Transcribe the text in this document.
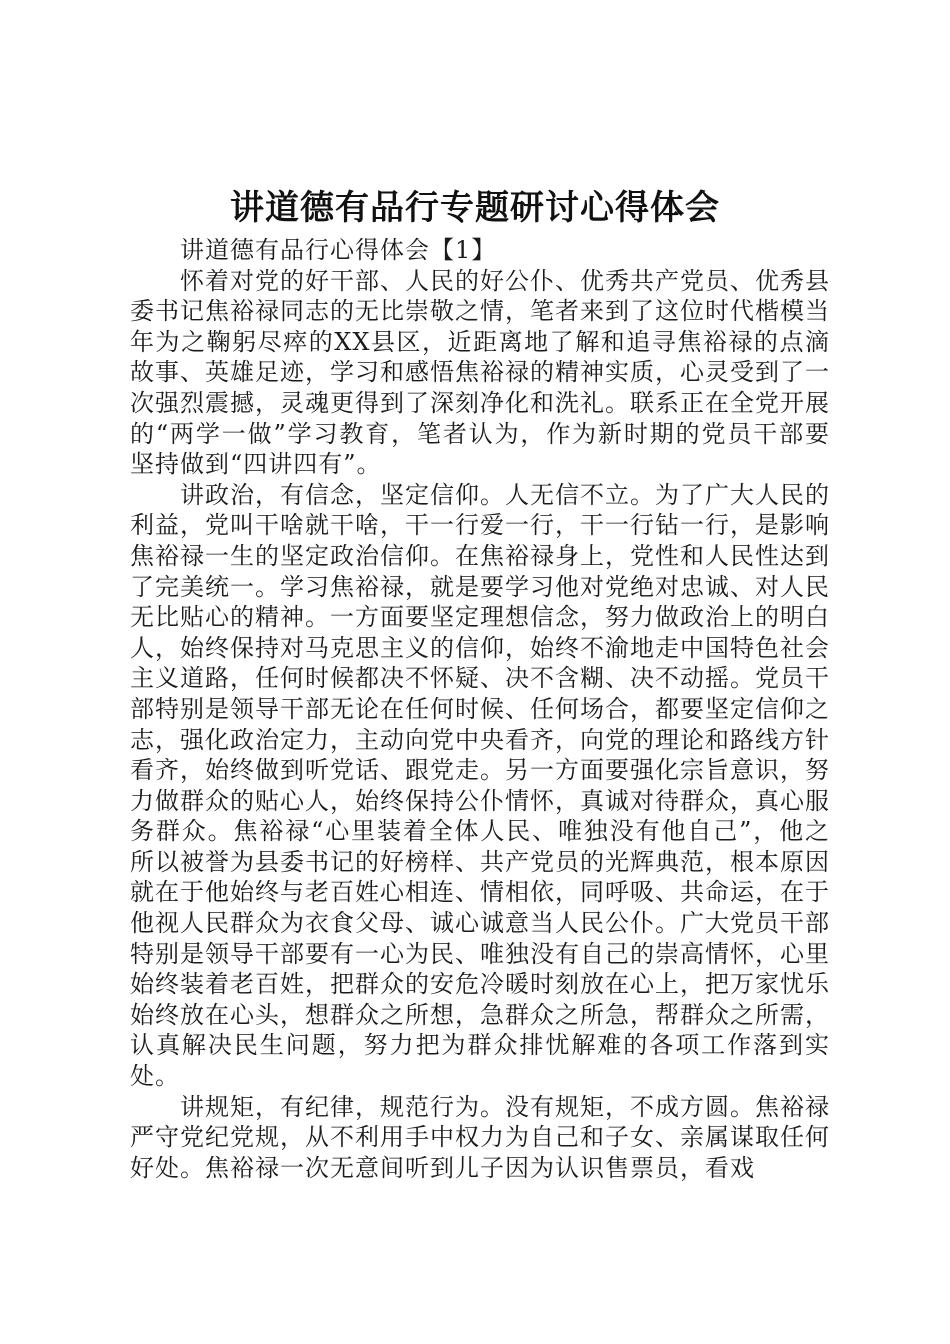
讲道德有品行专题研讨心得体会

讲道德有品行心得体会【1】

怀着对党的好干部、人民的好公仆、优秀共产党员、优秀县委书记焦裕禄同志的无比崇敬之情，笔者来到了这位时代楷模当年为之鞠躬尽瘁的XX县区，近距离地了解和追寻焦裕禄的点滴故事、英雄足迹，学习和感悟焦裕禄的精神实质，心灵受到了一次强烈震撼，灵魂更得到了深刻净化和洗礼。联系正在全党开展的“两学一做”学习教育，笔者认为，作为新时期的党员干部要坚持做到“四讲四有”。

讲政治，有信念，坚定信仰。人无信不立。为了广大人民的利益，党叫干啥就干啥，干一行爱一行，干一行钻一行，是影响焦裕禄一生的坚定政治信仰。在焦裕禄身上，党性和人民性达到了完美统一。学习焦裕禄，就是要学习他对党绝对忠诚、对人民无比贴心的精神。一方面要坚定理想信念，努力做政治上的明白人，始终保持对马克思主义的信仰，始终不渝地走中国特色社会主义道路，任何时候都决不怀疑、决不含糊、决不动摇。党员干部特别是领导干部无论在任何时候、任何场合，都要坚定信仰之志，强化政治定力，主动向党中央看齐，向党的理论和路线方针看齐，始终做到听党话、跟党走。另一方面要强化宗旨意识，努力做群众的贴心人，始终保持公仆情怀，真诚对待群众，真心服务群众。焦裕禄“心里装着全体人民、唯独没有他自己”，他之所以被誉为县委书记的好榜样、共产党员的光辉典范，根本原因就在于他始终与老百姓心相连、情相依，同呼吸、共命运，在于他视人民群众为衣食父母、诚心诚意当人民公仆。广大党员干部特别是领导干部要有一心为民、唯独没有自己的崇高情怀，心里始终装着老百姓，把群众的安危冷暖时刻放在心上，把万家忧乐始终放在心头，想群众之所想，急群众之所急，帮群众之所需，认真解决民生问题，努力把为群众排忧解难的各项工作落到实处。

讲规矩，有纪律，规范行为。没有规矩，不成方圆。焦裕禄严守党纪党规，从不利用手中权力为自己和子女、亲属谋取任何好处。焦裕禄一次无意间听到儿子因为认识售票员，看戏
